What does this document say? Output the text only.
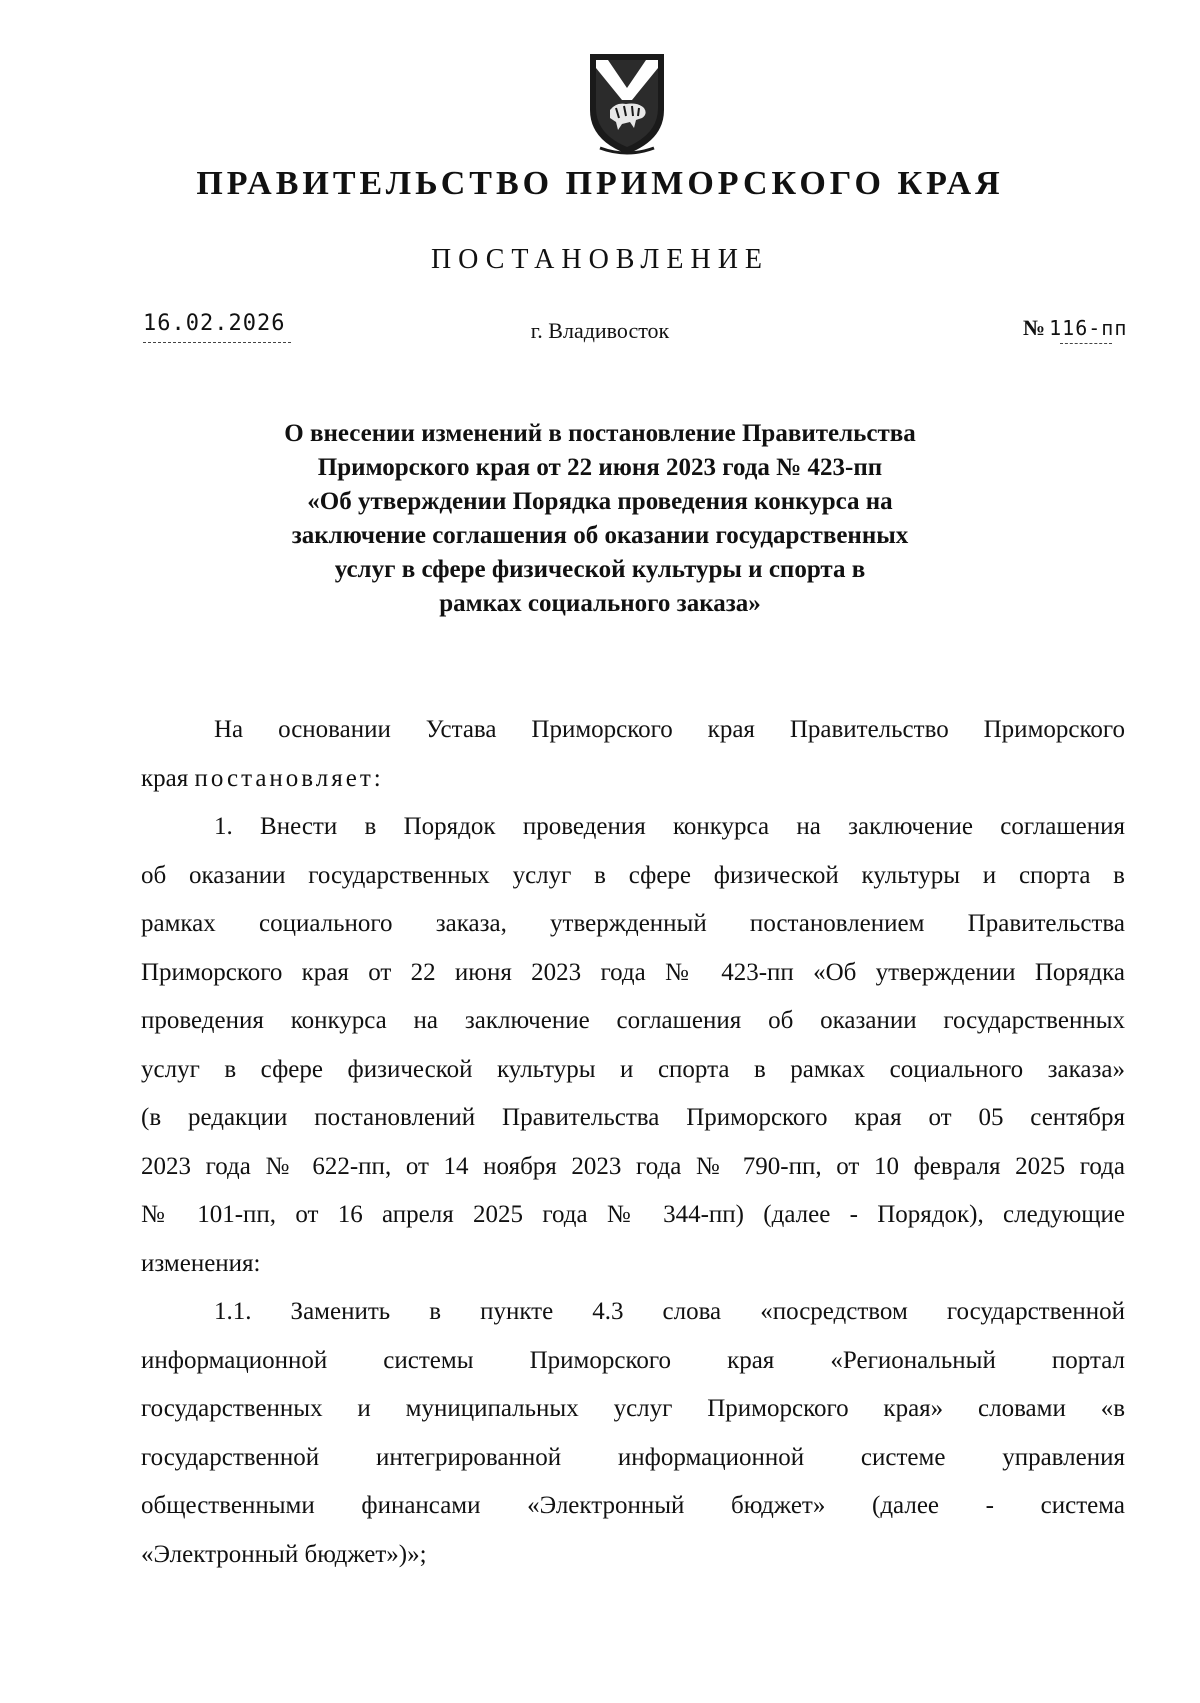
ПРАВИТЕЛЬСТВО ПРИМОРСКОГО КРАЯ
ПОСТАНОВЛЕНИЕ
16.02.2026	г. Владивосток	№ 116-пп
О внесении изменений в постановление Правительства
Приморского края от 22 июня 2023 года № 423-пп
«Об утверждении Порядка проведения конкурса на
заключение соглашения об оказании государственных
услуг в сфере физической культуры и спорта в
рамках социального заказа»

На основании Устава Приморского края Правительство Приморского

края постановляет:

1. Внести в Порядок проведения конкурса на заключение соглашения

об оказании государственных услуг в сфере физической культуры и спорта в

рамках социального заказа, утвержденный постановлением Правительства

Приморского края от 22 июня 2023 года № 423-пп «Об утверждении Порядка

проведения конкурса на заключение соглашения об оказании государственных

услуг в сфере физической культуры и спорта в рамках социального заказа»

(в редакции постановлений Правительства Приморского края от 05 сентября

2023 года № 622-пп, от 14 ноября 2023 года № 790-пп, от 10 февраля 2025 года

№ 101-пп, от 16 апреля 2025 года № 344-пп) (далее - Порядок), следующие

изменения:

1.1. Заменить в пункте 4.3 слова «посредством государственной

информационной системы Приморского края «Региональный портал

государственных и муниципальных услуг Приморского края» словами «в

государственной интегрированной информационной системе управления

общественными финансами «Электронный бюджет» (далее - система

«Электронный бюджет»)»;
